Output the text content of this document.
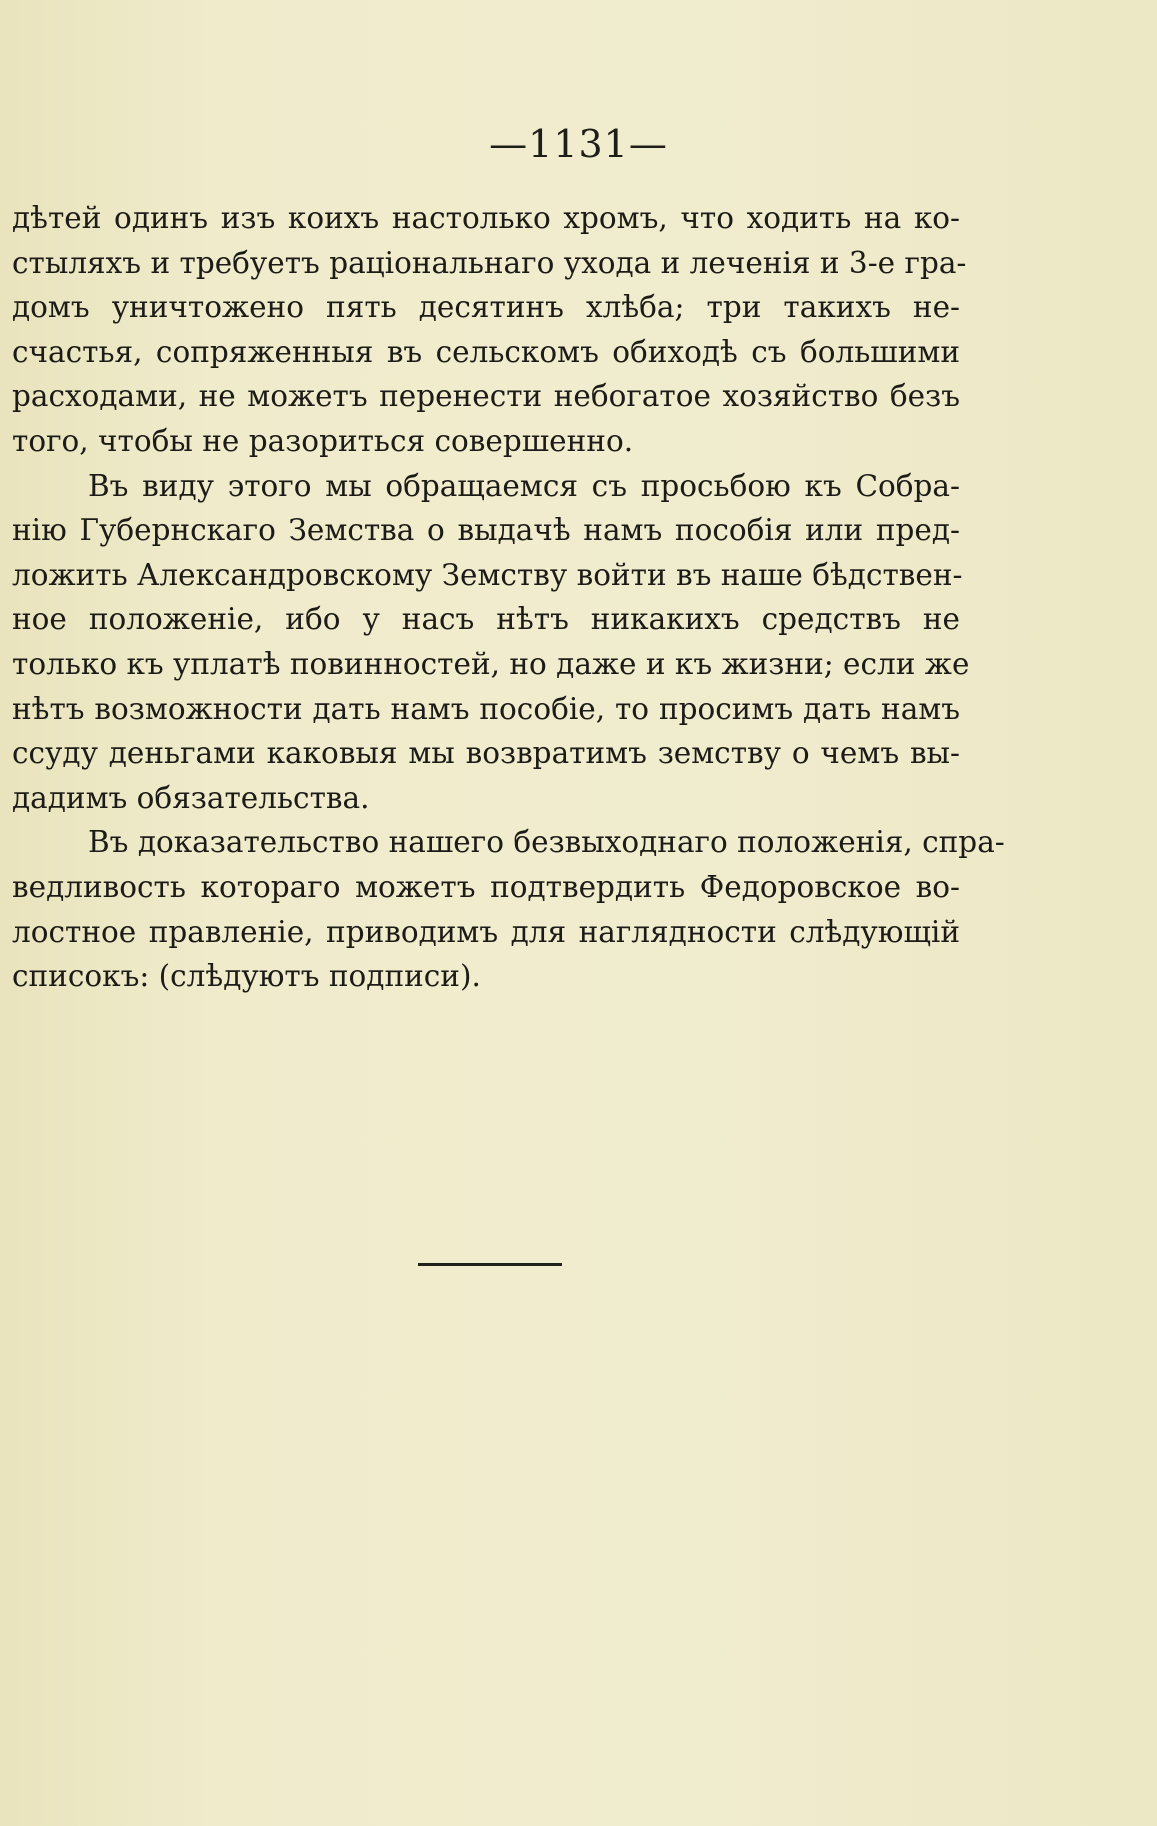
—1131—
дѣтей одинъ изъ коихъ настолько хромъ, что ходить на ко-
стыляхъ и требуетъ раціональнаго ухода и леченія и 3-е гра-
домъ уничтожено пять десятинъ хлѣба; три такихъ не-
счастья, сопряженныя въ сельскомъ обиходѣ съ большими
расходами, не можетъ перенести небогатое хозяйство безъ
того, чтобы не разориться совершенно.
Въ виду этого мы обращаемся съ просьбою къ Собра-
нію Губернскаго Земства о выдачѣ намъ пособія или пред-
ложить Александровскому Земству войти въ наше бѣдствен-
ное положеніе, ибо у насъ нѣтъ никакихъ средствъ не
только къ уплатѣ повинностей, но даже и къ жизни; если же
нѣтъ возможности дать намъ пособіе, то просимъ дать намъ
ссуду деньгами каковыя мы возвратимъ земству о чемъ вы-
дадимъ обязательства.
Въ доказательство нашего безвыходнаго положенія, спра-
ведливость котораго можетъ подтвердить Федоровское во-
лостное правленіе, приводимъ для наглядности слѣдующій
списокъ: (слѣдуютъ подписи).
